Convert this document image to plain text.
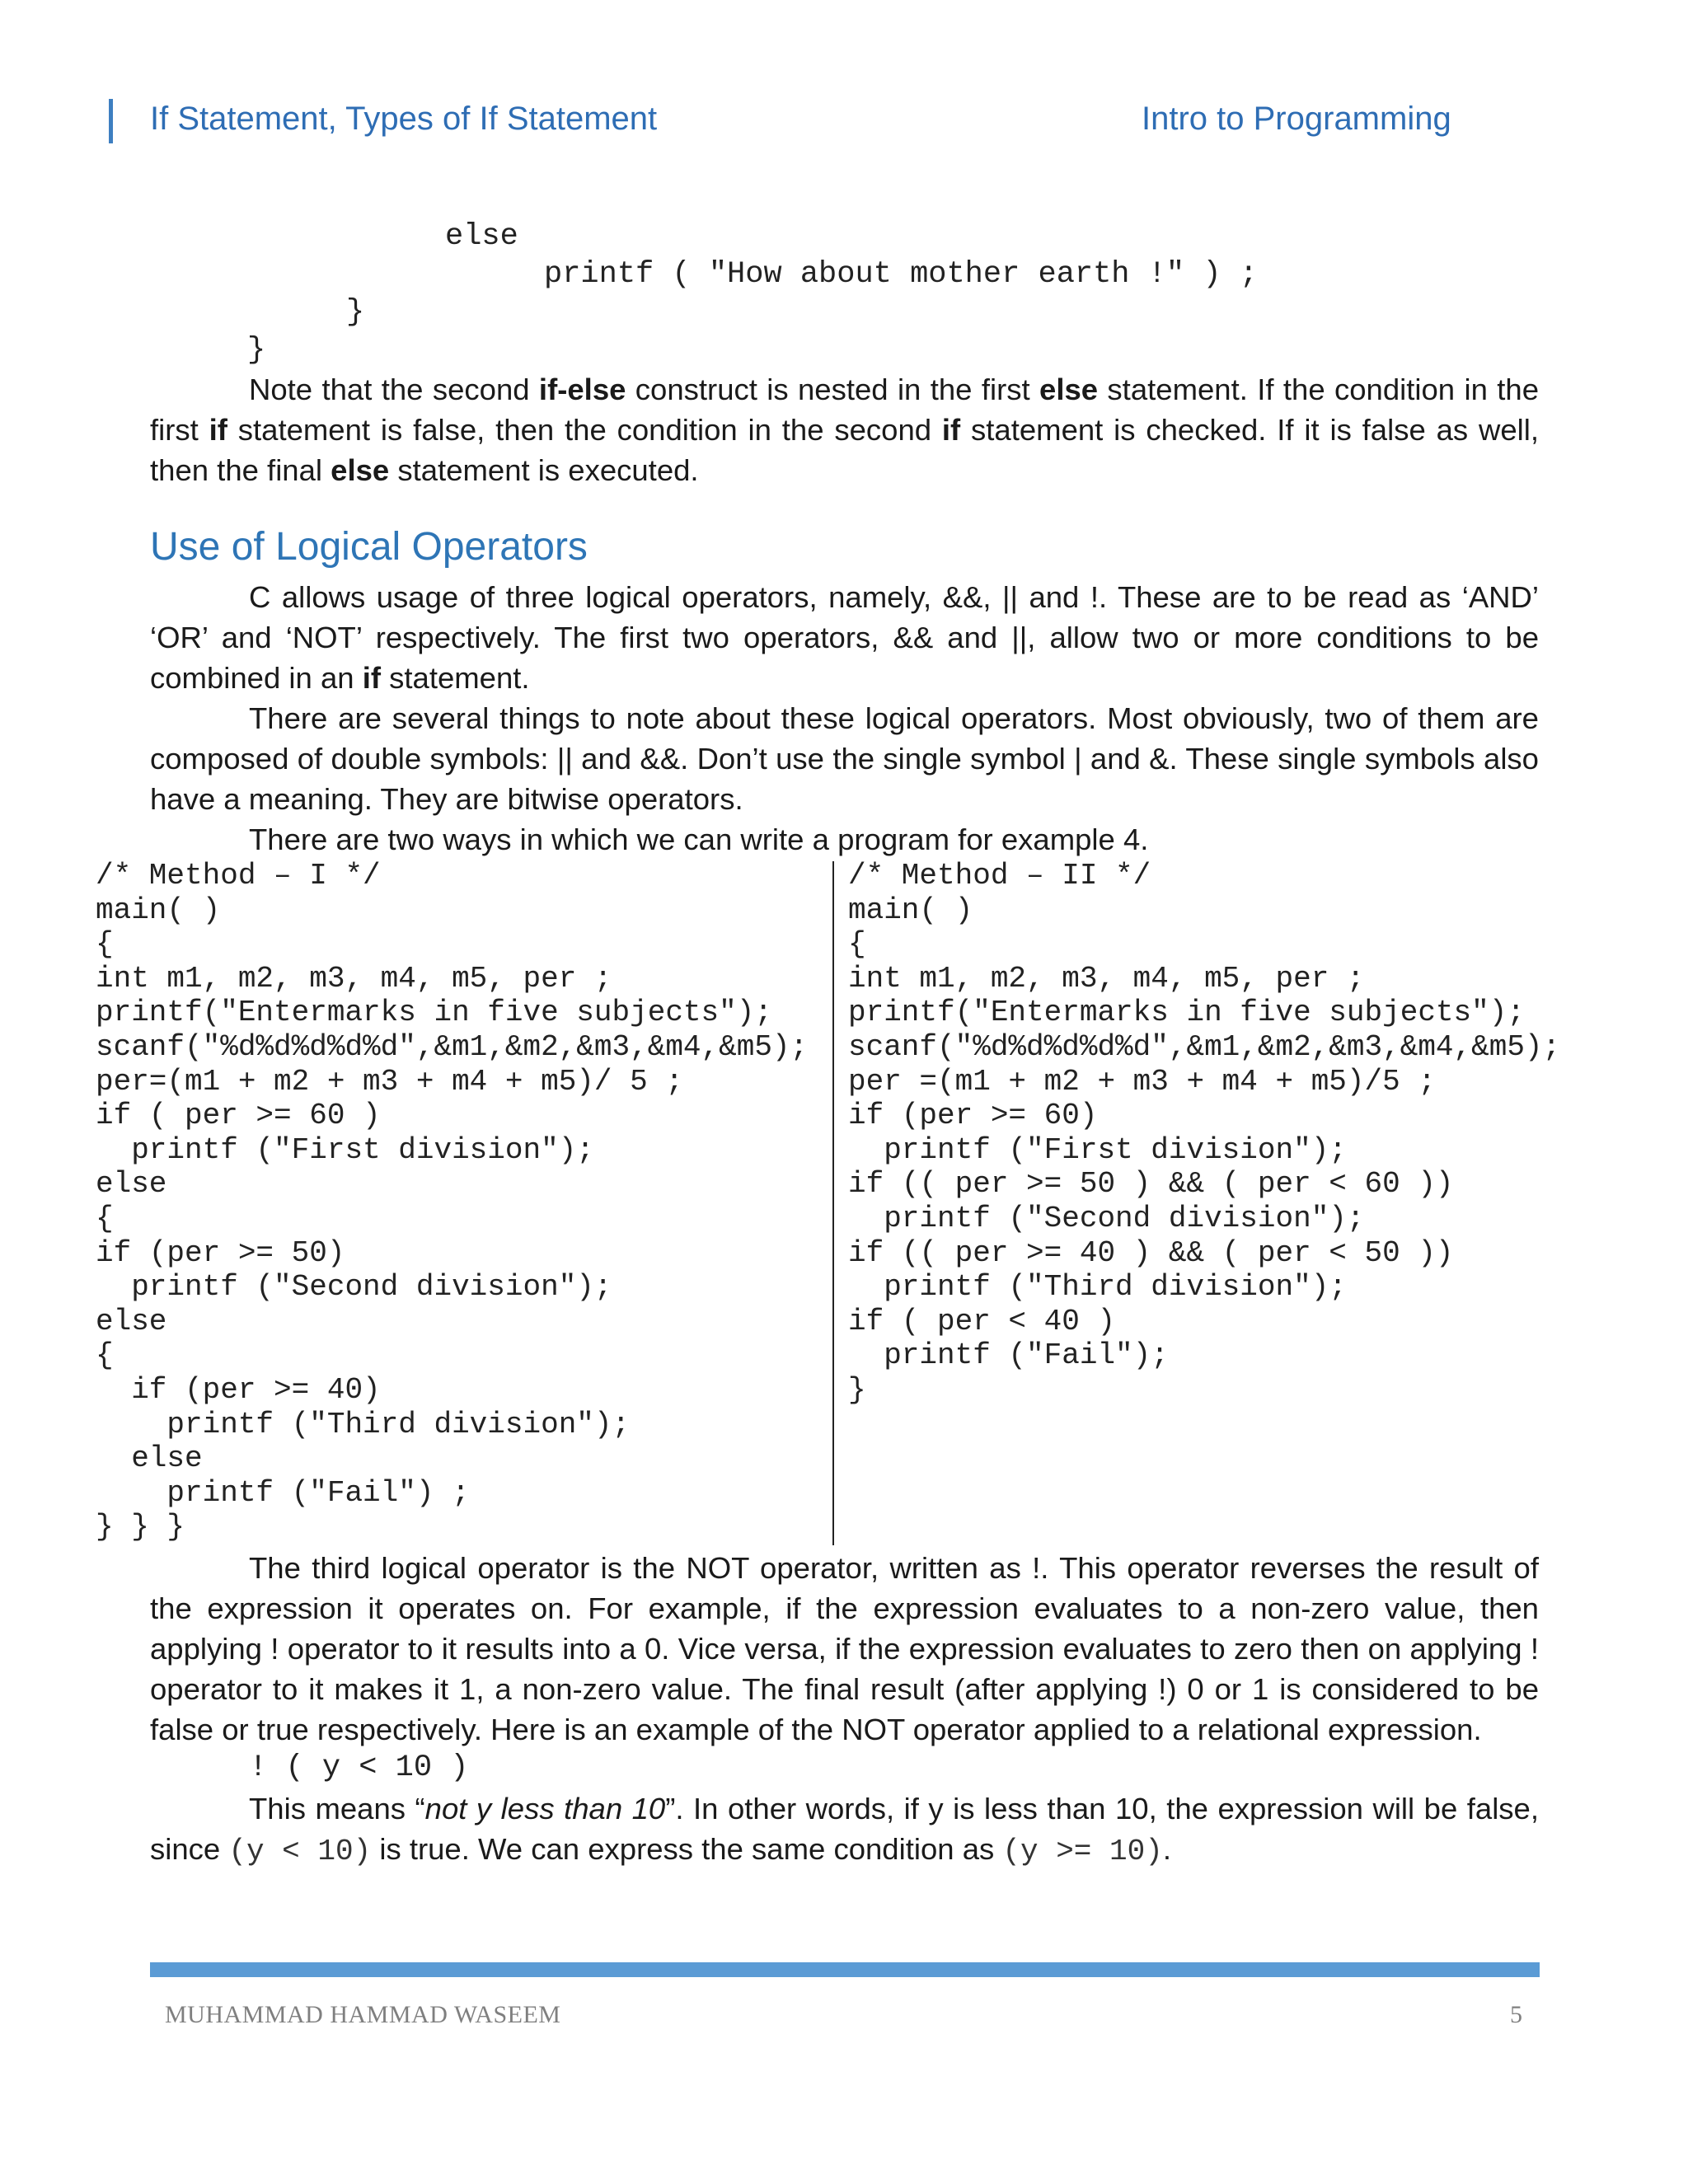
If Statement, Types of If Statement	Intro to Programming
else
printf ( "How about mother earth !" ) ;
}
}
Note that the second if-else construct is nested in the first else statement. If the condition in the first if statement is false, then the condition in the second if statement is checked. If it is false as well, then the final else statement is executed.
Use of Logical Operators
C allows usage of three logical operators, namely, &&, || and !. These are to be read as ‘AND’ ‘OR’ and ‘NOT’ respectively. The first two operators, && and ||, allow two or more conditions to be combined in an if statement.
There are several things to note about these logical operators. Most obviously, two of them are composed of double symbols: || and &&. Don’t use the single symbol | and &. These single symbols also have a meaning. They are bitwise operators.
There are two ways in which we can write a program for example 4.
/* Method – I */
main( )
{
int m1, m2, m3, m4, m5, per ;
printf("Entermarks in five subjects");
scanf("%d%d%d%d%d",&m1,&m2,&m3,&m4,&m5);
per=(m1 + m2 + m3 + m4 + m5)/ 5 ;
if ( per >= 60 )
printf ("First division");
else
{
if (per >= 50)
printf ("Second division");
else
{
if (per >= 40)
printf ("Third division");
else
printf ("Fail") ;
} } }
/* Method – II */
main( )
{
int m1, m2, m3, m4, m5, per ;
printf("Entermarks in five subjects");
scanf("%d%d%d%d%d",&m1,&m2,&m3,&m4,&m5);
per =(m1 + m2 + m3 + m4 + m5)/5 ;
if (per >= 60)
printf ("First division");
if (( per >= 50 ) && ( per < 60 ))
printf ("Second division");
if (( per >= 40 ) && ( per < 50 ))
printf ("Third division");
if ( per < 40 )
printf ("Fail");
}
The third logical operator is the NOT operator, written as !. This operator reverses the result of the expression it operates on. For example, if the expression evaluates to a non-zero value, then applying ! operator to it results into a 0. Vice versa, if the expression evaluates to zero then on applying ! operator to it makes it 1, a non-zero value. The final result (after applying !) 0 or 1 is considered to be false or true respectively. Here is an example of the NOT operator applied to a relational expression.
! ( y < 10 )
This means “not y less than 10”. In other words, if y is less than 10, the expression will be false, since (y < 10) is true. We can express the same condition as (y >= 10).
MUHAMMAD HAMMAD WASEEM	5
